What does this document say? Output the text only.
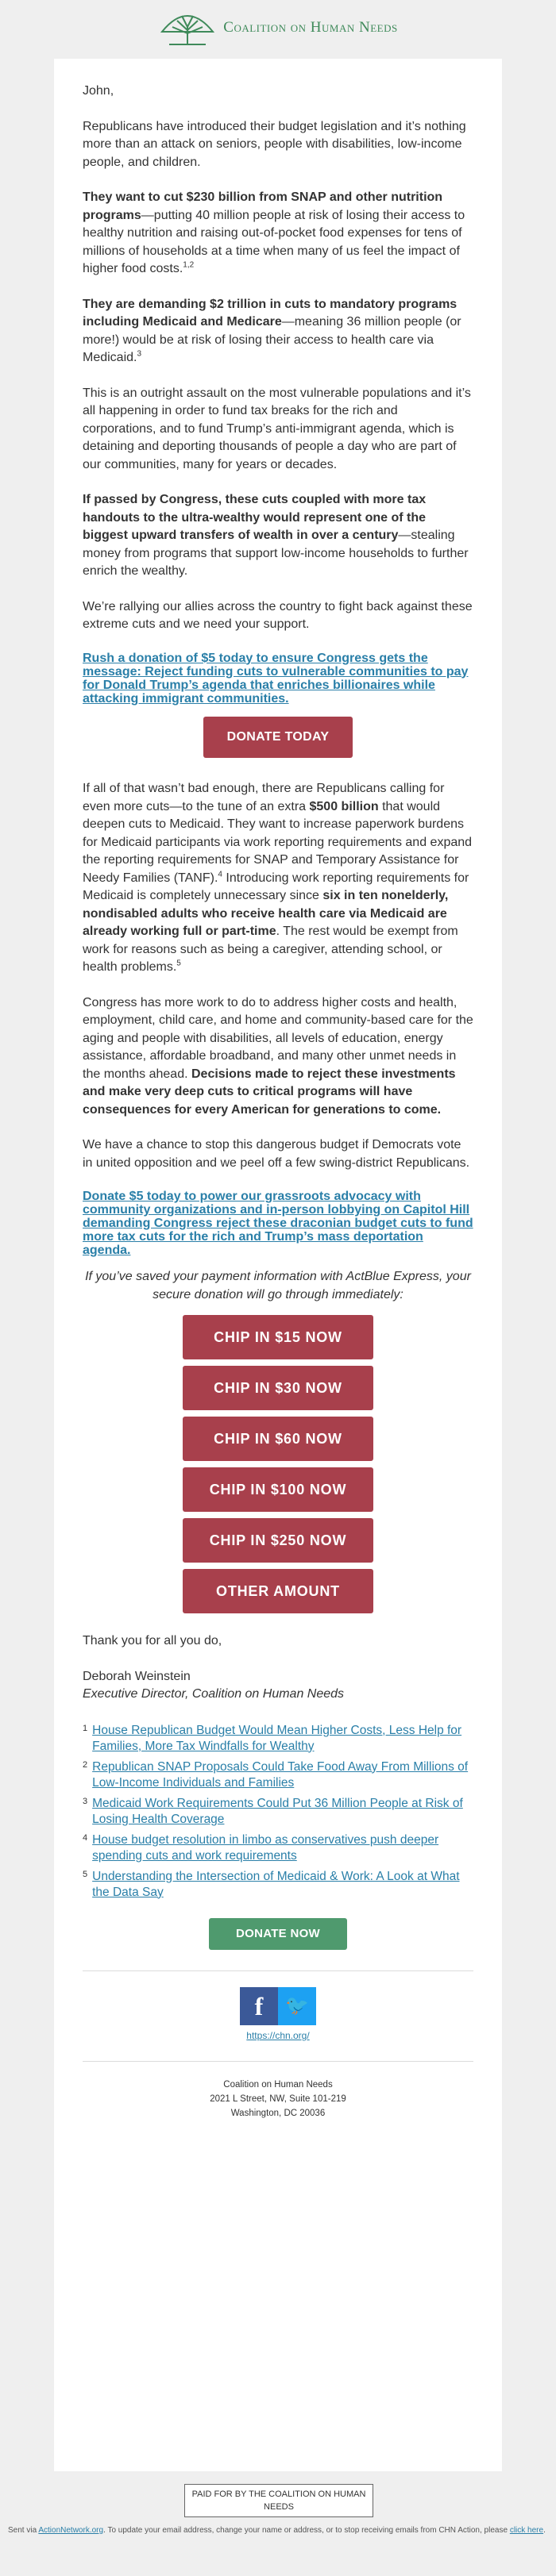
Coalition on Human Needs

John,

Republicans have introduced their budget legislation and it’s nothing more than an attack on seniors, people with disabilities, low-income people, and children.

They want to cut $230 billion from SNAP and other nutrition programs—putting 40 million people at risk of losing their access to healthy nutrition and raising out-of-pocket food expenses for tens of millions of households at a time when many of us feel the impact of higher food costs.$^{1,2}$

They are demanding $2 trillion in cuts to mandatory programs including Medicaid and Medicare—meaning 36 million people (or more!) would be at risk of losing their access to health care via Medicaid.$^3$

This is an outright assault on the most vulnerable populations and it’s all happening in order to fund tax breaks for the rich and corporations, and to fund Trump’s anti-immigrant agenda, which is detaining and deporting thousands of people a day who are part of our communities, many for years or decades.

If passed by Congress, these cuts coupled with more tax handouts to the ultra-wealthy would represent one of the biggest upward transfers of wealth in over a century—stealing money from programs that support low-income households to further enrich the wealthy.

We’re rallying our allies across the country to fight back against these extreme cuts and we need your support.

Rush a donation of $5 today to ensure Congress gets the message: Reject funding cuts to vulnerable communities to pay for Donald Trump’s agenda that enriches billionaires while attacking immigrant communities.

DONATE TODAY

If all of that wasn’t bad enough, there are Republicans calling for even more cuts—to the tune of an extra $500 billion that would deepen cuts to Medicaid. They want to increase paperwork burdens for Medicaid participants via work reporting requirements and expand the reporting requirements for SNAP and Temporary Assistance for Needy Families (TANF).$^4$ Introducing work reporting requirements for Medicaid is completely unnecessary since six in ten nonelderly, nondisabled adults who receive health care via Medicaid are already working full or part-time. The rest would be exempt from work for reasons such as being a caregiver, attending school, or health problems.$^5$

Congress has more work to do to address higher costs and health, employment, child care, and home and community-based care for the aging and people with disabilities, all levels of education, energy assistance, affordable broadband, and many other unmet needs in the months ahead. Decisions made to reject these investments and make very deep cuts to critical programs will have consequences for every American for generations to come.

We have a chance to stop this dangerous budget if Democrats vote in united opposition and we peel off a few swing-district Republicans.

Donate $5 today to power our grassroots advocacy with community organizations and in-person lobbying on Capitol Hill demanding Congress reject these draconian budget cuts to fund more tax cuts for the rich and Trump’s mass deportation agenda.

If you’ve saved your payment information with ActBlue Express, your secure donation will go through immediately:

CHIP IN $15 NOW
CHIP IN $30 NOW
CHIP IN $60 NOW
CHIP IN $100 NOW
CHIP IN $250 NOW
OTHER AMOUNT

Thank you for all you do,

Deborah Weinstein
Executive Director, Coalition on Human Needs

1 House Republican Budget Would Mean Higher Costs, Less Help for Families, More Tax Windfalls for Wealthy
2 Republican SNAP Proposals Could Take Food Away From Millions of Low-Income Individuals and Families
3 Medicaid Work Requirements Could Put 36 Million People at Risk of Losing Health Coverage
4 House budget resolution in limbo as conservatives push deeper spending cuts and work requirements
5 Understanding the Intersection of Medicaid & Work: A Look at What the Data Say
DONATE NOW
f	🐦
https://chn.org/
Coalition on Human Needs
2021 L Street, NW, Suite 101-219
Washington, DC 20036
PAID FOR BY THE COALITION ON HUMAN NEEDS
Sent via ActionNetwork.org. To update your email address, change your name or address, or to stop receiving emails from CHN Action, please click here.
